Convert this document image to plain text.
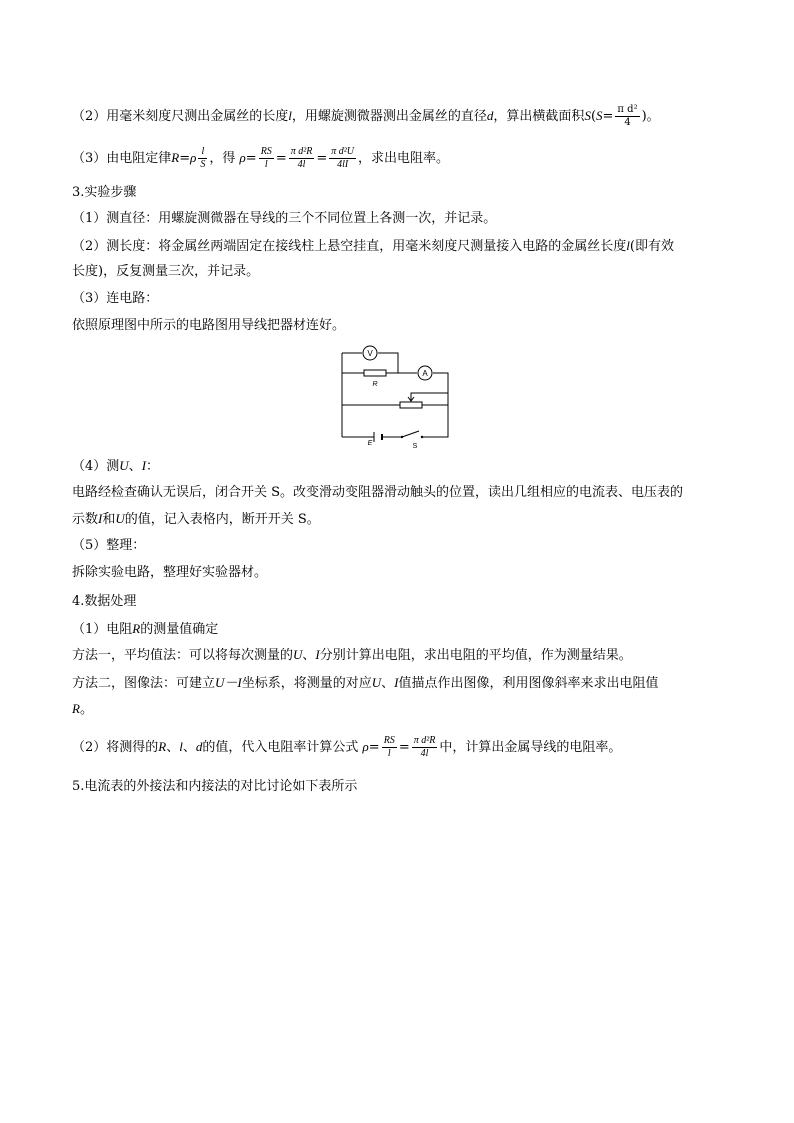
（2）用毫米刻度尺测出金属丝的长度l，用螺旋测微器测出金属丝的直径d，算出横截面积$S(S= \frac{\text{π d²}}{4}$ )。
（3）由电阻定律$R=\rho \frac{l}{S}$ ，得 $\rho= \frac{RS}{l} = \frac{\text{π d²R}}{4l} = \frac{\text{π d²U}}{4lI}$ ，求出电阻率。
3.实验步骤
（1）测直径：用螺旋测微器在导线的三个不同位置上各测一次，并记录。
（2）测长度：将金属丝两端固定在接线柱上悬空挂直，用毫米刻度尺测量接入电路的金属丝长度l(即有效
长度)，反复测量三次，并记录。
（3）连电路：
依照原理图中所示的电路图用导线把器材连好。
V
R
A
E	S
（4）测U、I：
电路经检查确认无误后，闭合开关 S。改变滑动变阻器滑动触头的位置，读出几组相应的电流表、电压表的
示数I和U的值，记入表格内，断开开关 S。
（5）整理：
拆除实验电路，整理好实验器材。
4.数据处理
（1）电阻R的测量值确定
方法一，平均值法：可以将每次测量的U、I分别计算出电阻，求出电阻的平均值，作为测量结果。
方法二，图像法：可建立U－I坐标系，将测量的对应U、I值描点作出图像，利用图像斜率来求出电阻值
R。
（2）将测得的R、l、d的值，代入电阻率计算公式 $\rho= \frac{RS}{l} = \frac{\text{π d²R}}{4l}$ 中，计算出金属导线的电阻率。
5.电流表的外接法和内接法的对比讨论如下表所示
